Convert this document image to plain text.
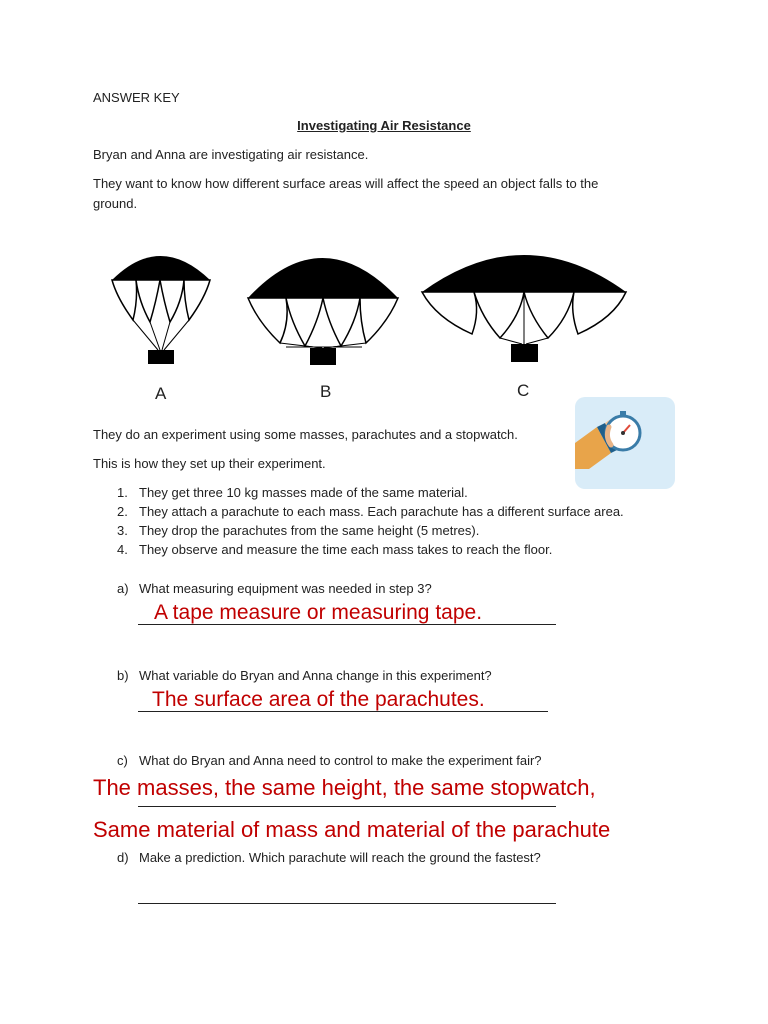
ANSWER KEY
Investigating Air Resistance
Bryan and Anna are investigating air resistance.
They want to know how different surface areas will affect the speed an object falls to the
ground.
A	B	C
They do an experiment using some masses, parachutes and a stopwatch.
This is how they set up their experiment.
1. They get three 10 kg masses made of the same material.
2. They attach a parachute to each mass. Each parachute has a different surface area.
3. They drop the parachutes from the same height (5 metres).
4. They observe and measure the time each mass takes to reach the floor.
a) What measuring equipment was needed in step 3?
A tape measure or measuring tape.
b) What variable do Bryan and Anna change in this experiment?
The surface area of the parachutes.
c) What do Bryan and Anna need to control to make the experiment fair?
The masses, the same height, the same stopwatch,
Same material of mass and material of the parachute
d) Make a prediction. Which parachute will reach the ground the fastest?
